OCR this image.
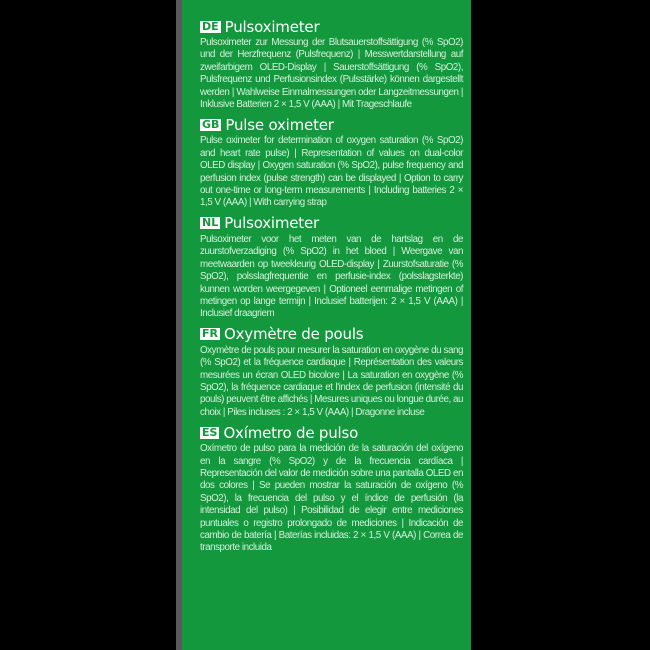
DE Pulsoximeter
Pulsoximeter zur Messung der Blutsauerstoffsättigung (% SpO2) und der Herzfrequenz (Pulsfrequenz) | Messwertdarstellung auf zweifarbigem OLED-Display | Sauerstoffsättigung (% SpO2), Pulsfrequenz und Perfusionsindex (Pulsstärke) können dargestellt werden | Wahlweise Einmalmessungen oder Langzeitmessungen | Inklusive Batterien 2 × 1,5 V (AAA) | Mit Trageschlaufe
GB Pulse oximeter
Pulse oximeter for determination of oxygen saturation (% SpO2) and heart rate pulse) | Representation of values on dual-color OLED display | Oxygen saturation (% SpO2), pulse frequency and perfusion index (pulse strength) can be displayed | Option to carry out one-time or long-term measurements | Including batteries 2 × 1,5 V (AAA) | With carrying strap
NL Pulsoximeter
Pulsoximeter voor het meten van de hartslag en de zuurstofverzadiging (% SpO2) in het bloed | Weergave van meetwaarden op tweekleurig OLED-display | Zuurstofsaturatie (% SpO2), polsslagfrequentie en perfusie-index (polsslagsterkte) kunnen worden weergegeven | Optioneel eenmalige metingen of metingen op lange termijn | Inclusief batterijen: 2 × 1,5 V (AAA) | Inclusief draagriem
FR Oxymètre de pouls
Oxymètre de pouls pour mesurer la saturation en oxygène du sang (% SpO2) et la fréquence cardiaque | Représentation des valeurs mesurées un écran OLED bicolore | La saturation en oxygène (% SpO2), la fréquence cardiaque et l'index de perfusion (intensité du pouls) peuvent être affichés | Mesures uniques ou longue durée, au choix | Piles incluses : 2 × 1,5 V (AAA) | Dragonne incluse
ES Oxímetro de pulso
Oxímetro de pulso para la medición de la saturación del oxígeno en la sangre (% SpO2) y de la frecuencia cardíaca | Representación del valor de medición sobre una pantalla OLED en dos colores | Se pueden mostrar la saturación de oxígeno (% SpO2), la frecuencia del pulso y el índice de perfusión (la intensidad del pulso) | Posibilidad de elegir entre mediciones puntuales o registro prolongado de mediciones | Indicación de cambio de batería | Baterías incluidas: 2 × 1,5 V (AAA) | Correa de transporte incluida
